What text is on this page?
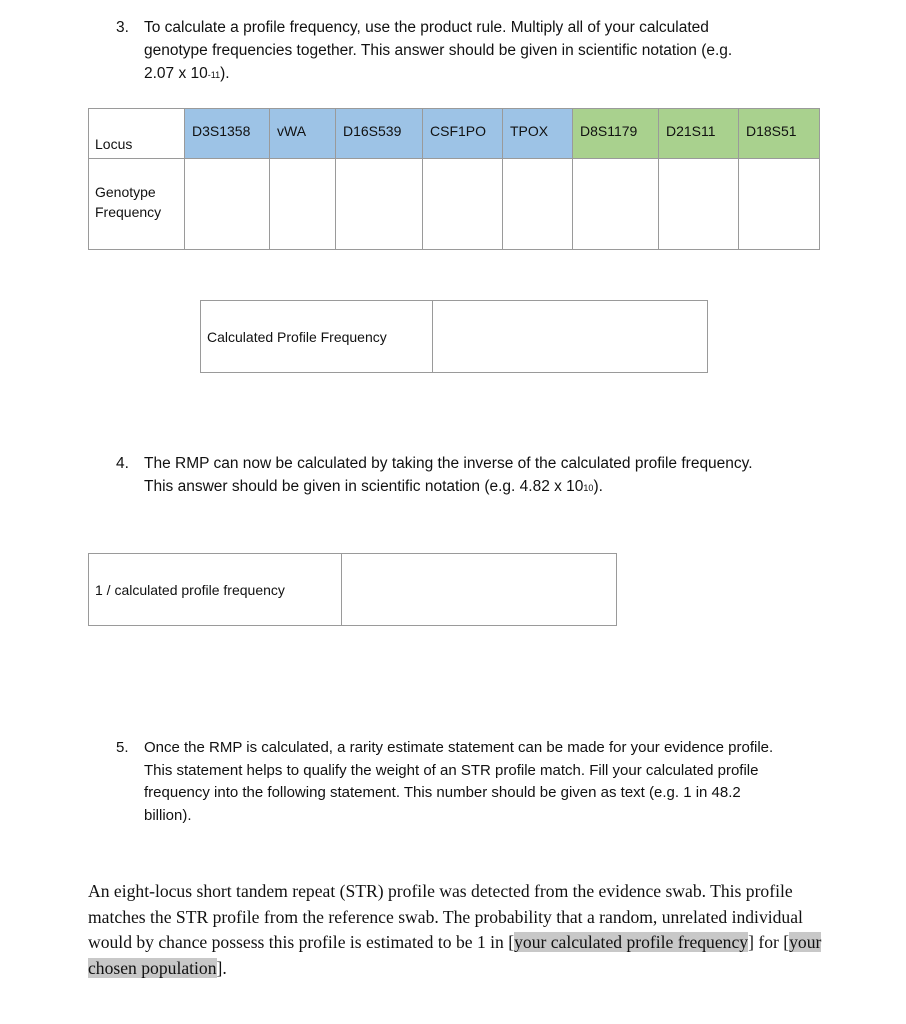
3. To calculate a profile frequency, use the product rule. Multiply all of your calculated
genotype frequencies together. This answer should be given in scientific notation (e.g.
2.07 x $10^{-11}$).
Locus	D3S1358	vWA	D16S539	CSF1PO	TPOX	D8S1179	D21S11	D18S51

Genotype
Frequency								

Calculated Profile Frequency	
4. The RMP can now be calculated by taking the inverse of the calculated profile frequency.
This answer should be given in scientific notation (e.g. 4.82 x $10^{10}$).
1 / calculated profile frequency	
5. Once the RMP is calculated, a rarity estimate statement can be made for your evidence profile.
This statement helps to qualify the weight of an STR profile match. Fill your calculated profile
frequency into the following statement. This number should be given as text (e.g. 1 in 48.2
billion).
An eight-locus short tandem repeat (STR) profile was detected from the evidence swab. This profile matches the STR profile from the reference swab. The probability that a random, unrelated individual would by chance possess this profile is estimated to be 1 in [your calculated profile frequency] for [your chosen population].
